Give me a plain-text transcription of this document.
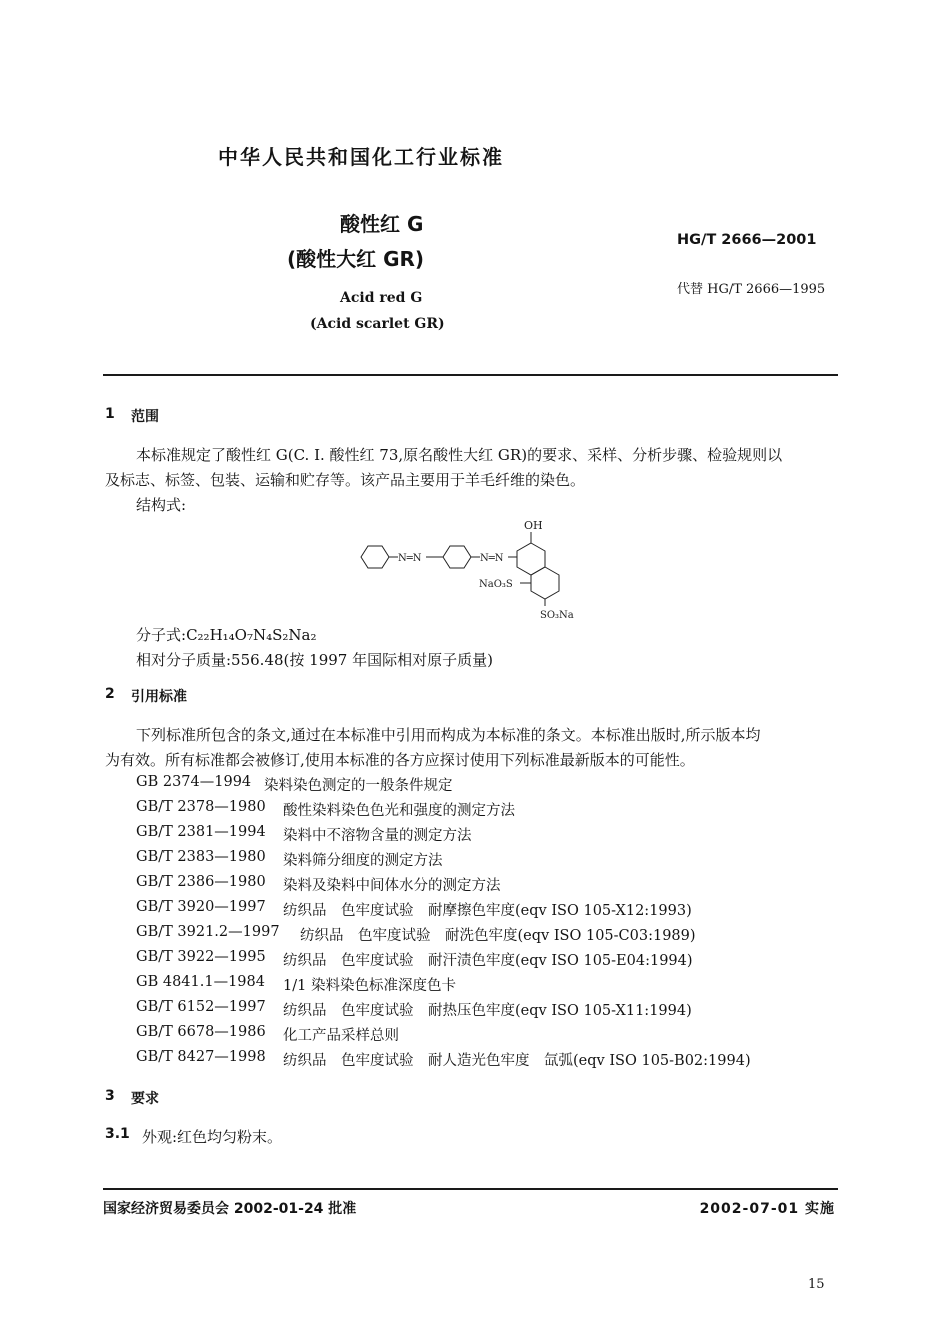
中华人民共和国化工行业标准
酸性红 G
(酸性大红 GR)
HG/T 2666—2001
代替 HG/T 2666—1995
Acid red G
(Acid scarlet GR)
1 范围
本标准规定了酸性红 G(C. I. 酸性红 73,原名酸性大红 GR)的要求、采样、分析步骤、检验规则以
及标志、标签、包装、运输和贮存等。该产品主要用于羊毛纤维的染色。
结构式:
OH
N═N	N═N
NaO₃S
SO₃Na
分子式:C₂₂H₁₄O₇N₄S₂Na₂
相对分子质量:556.48(按 1997 年国际相对原子质量)
2 引用标准
下列标准所包含的条文,通过在本标准中引用而构成为本标准的条文。本标准出版时,所示版本均
为有效。所有标准都会被修订,使用本标准的各方应探讨使用下列标准最新版本的可能性。
GB 2374—1994 染料染色测定的一般条件规定
GB/T 2378—1980 酸性染料染色色光和强度的测定方法
GB/T 2381—1994 染料中不溶物含量的测定方法
GB/T 2383—1980 染料筛分细度的测定方法
GB/T 2386—1980 染料及染料中间体水分的测定方法
GB/T 3920—1997 纺织品　色牢度试验　耐摩擦色牢度(eqv ISO 105-X12:1993)
GB/T 3921.2—1997 纺织品　色牢度试验　耐洗色牢度(eqv ISO 105-C03:1989)
GB/T 3922—1995 纺织品　色牢度试验　耐汗渍色牢度(eqv ISO 105-E04:1994)
GB 4841.1—1984 1/1 染料染色标准深度色卡
GB/T 6152—1997 纺织品　色牢度试验　耐热压色牢度(eqv ISO 105-X11:1994)
GB/T 6678—1986 化工产品采样总则
GB/T 8427—1998 纺织品　色牢度试验　耐人造光色牢度　氙弧(eqv ISO 105-B02:1994)
3 要求
3.1 外观:红色均匀粉末。
国家经济贸易委员会 2002-01-24 批准	2002-07-01 实施
15
